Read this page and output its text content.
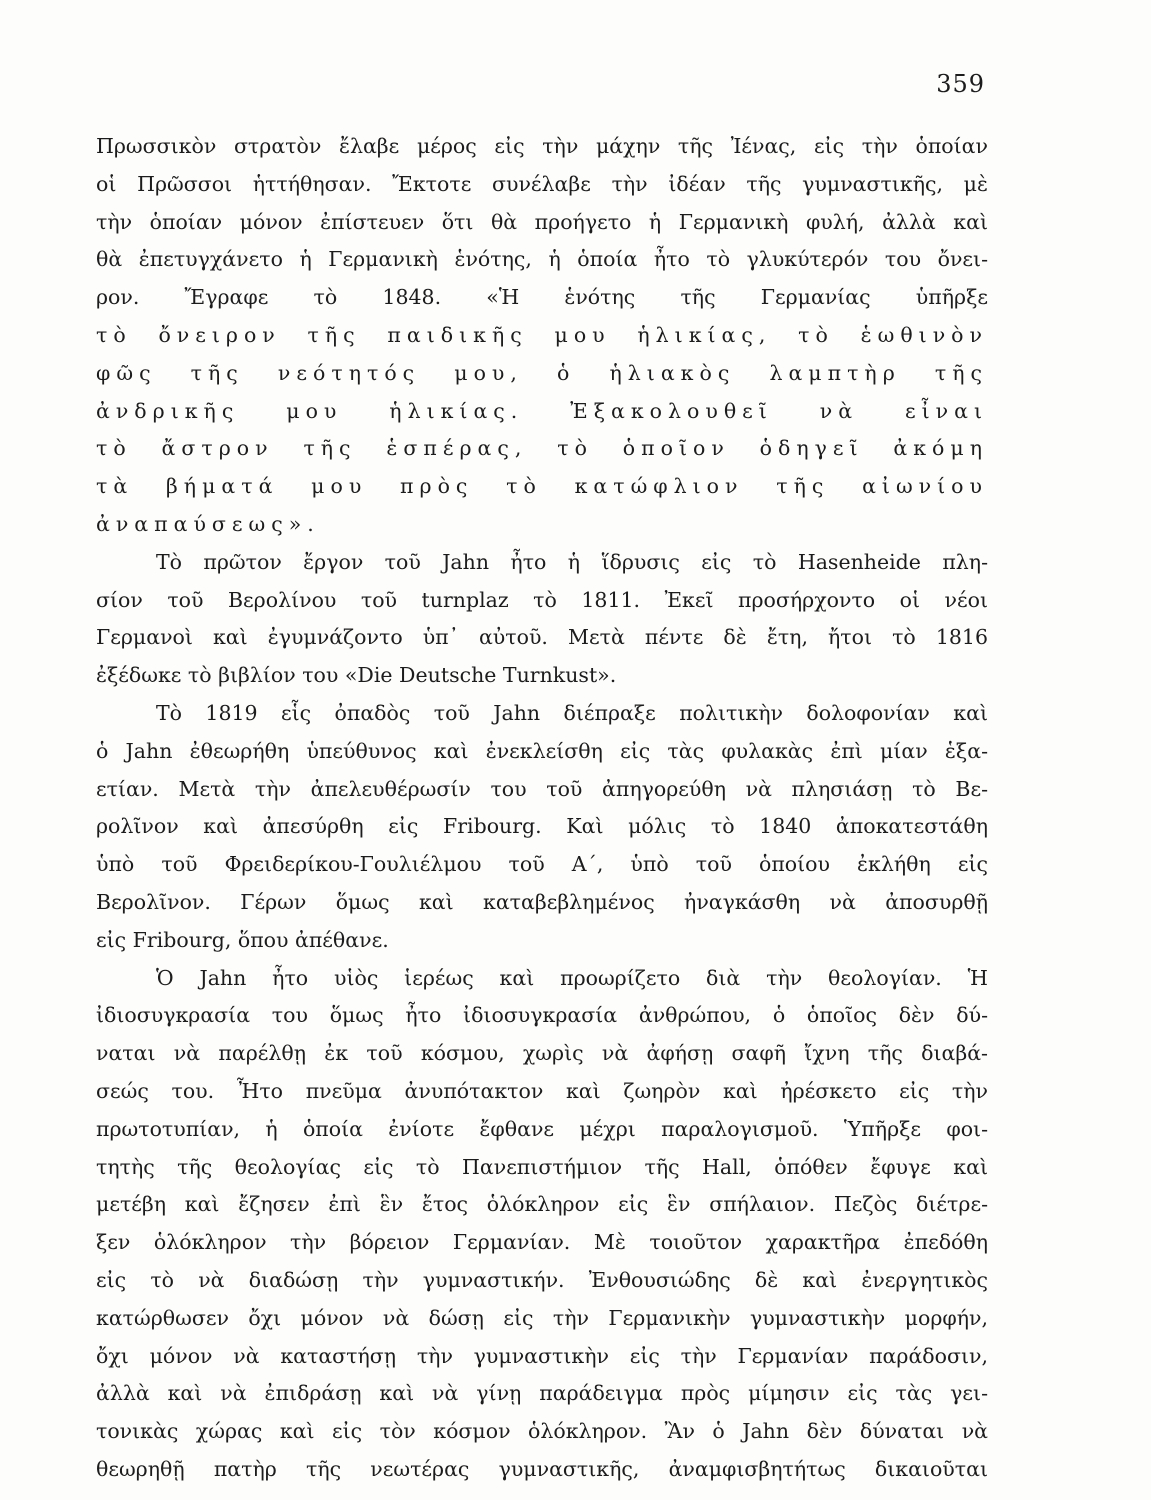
359
Πρωσσικὸν στρατὸν ἔλαβε μέρος εἰς τὴν μάχην τῆς Ἰένας, εἰς τὴν ὁποίαν
οἱ Πρῶσσοι ἡττήθησαν. Ἔκτοτε συνέλαβε τὴν ἰδέαν τῆς γυμναστικῆς, μὲ
τὴν ὁποίαν μόνον ἐπίστευεν ὅτι θὰ προήγετο ἡ Γερμανικὴ φυλή, ἀλλὰ καὶ
θὰ ἐπετυγχάνετο ἡ Γερμανικὴ ἑνότης, ἡ ὁποία ἦτο τὸ γλυκύτερόν του ὄνει-
ρον. Ἔγραφε τὸ 1848. «Ἡ ἑνότης τῆς Γερμανίας ὑπῆρξε
τὸ ὄνειρον τῆς παιδικῆς μου ἡλικίας, τὸ ἑωθινὸν
φῶς τῆς νεότητός μου, ὁ ἡλιακὸς λαμπτὴρ τῆς
ἀνδρικῆς μου ἡλικίας. Ἐξακολουθεῖ νὰ εἶναι
τὸ ἄστρον τῆς ἑσπέρας, τὸ ὁποῖον ὁδηγεῖ ἀκόμη
τὰ βήματά μου πρὸς τὸ κατώφλιον τῆς αἰωνίου
ἀναπαύσεως».
Τὸ πρῶτον ἔργον τοῦ Jahn ἦτο ἡ ἵδρυσις εἰς τὸ Hasenheide πλη-
σίον τοῦ Βερολίνου τοῦ turnplaz τὸ 1811. Ἐκεῖ προσήρχοντο οἱ νέοι
Γερμανοὶ καὶ ἐγυμνάζοντο ὑπ᾿ αὐτοῦ. Μετὰ πέντε δὲ ἔτη, ἤτοι τὸ 1816
ἐξέδωκε τὸ βιβλίον του «Die Deutsche Turnkust».
Τὸ 1819 εἷς ὀπαδὸς τοῦ Jahn διέπραξε πολιτικὴν δολοφονίαν καὶ
ὁ Jahn ἐθεωρήθη ὑπεύθυνος καὶ ἐνεκλείσθη εἰς τὰς φυλακὰς ἐπὶ μίαν ἑξα-
ετίαν. Μετὰ τὴν ἀπελευθέρωσίν του τοῦ ἀπηγορεύθη νὰ πλησιάσῃ τὸ Βε-
ρολῖνον καὶ ἀπεσύρθη εἰς Fribourg. Καὶ μόλις τὸ 1840 ἀποκατεστάθη
ὑπὸ τοῦ Φρειδερίκου-Γουλιέλμου τοῦ Α΄, ὑπὸ τοῦ ὁποίου ἐκλήθη εἰς
Βερολῖνον. Γέρων ὅμως καὶ καταβεβλημένος ἠναγκάσθη νὰ ἀποσυρθῇ
εἰς Fribourg, ὅπου ἀπέθανε.
Ὁ Jahn ἦτο υἱὸς ἱερέως καὶ προωρίζετο διὰ τὴν θεολογίαν. Ἡ
ἰδιοσυγκρασία του ὅμως ἦτο ἰδιοσυγκρασία ἀνθρώπου, ὁ ὁποῖος δὲν δύ-
ναται νὰ παρέλθῃ ἐκ τοῦ κόσμου, χωρὶς νὰ ἀφήσῃ σαφῆ ἴχνη τῆς διαβά-
σεώς του. Ἦτο πνεῦμα ἀνυπότακτον καὶ ζωηρὸν καὶ ἠρέσκετο εἰς τὴν
πρωτοτυπίαν, ἡ ὁποία ἐνίοτε ἔφθανε μέχρι παραλογισμοῦ. Ὑπῆρξε φοι-
τητὴς τῆς θεολογίας εἰς τὸ Πανεπιστήμιον τῆς Hall, ὁπόθεν ἔφυγε καὶ
μετέβη καὶ ἔζησεν ἐπὶ ἓν ἔτος ὁλόκληρον εἰς ἓν σπήλαιον. Πεζὸς διέτρε-
ξεν ὁλόκληρον τὴν βόρειον Γερμανίαν. Μὲ τοιοῦτον χαρακτῆρα ἐπεδόθη
εἰς τὸ νὰ διαδώσῃ τὴν γυμναστικήν. Ἐνθουσιώδης δὲ καὶ ἐνεργητικὸς
κατώρθωσεν ὄχι μόνον νὰ δώσῃ εἰς τὴν Γερμανικὴν γυμναστικὴν μορφήν,
ὄχι μόνον νὰ καταστήσῃ τὴν γυμναστικὴν εἰς τὴν Γερμανίαν παράδοσιν,
ἀλλὰ καὶ νὰ ἐπιδράσῃ καὶ νὰ γίνῃ παράδειγμα πρὸς μίμησιν εἰς τὰς γει-
τονικὰς χώρας καὶ εἰς τὸν κόσμον ὁλόκληρον. Ἂν ὁ Jahn δὲν δύναται νὰ
θεωρηθῇ πατὴρ τῆς νεωτέρας γυμναστικῆς, ἀναμφισβητήτως δικαιοῦται
